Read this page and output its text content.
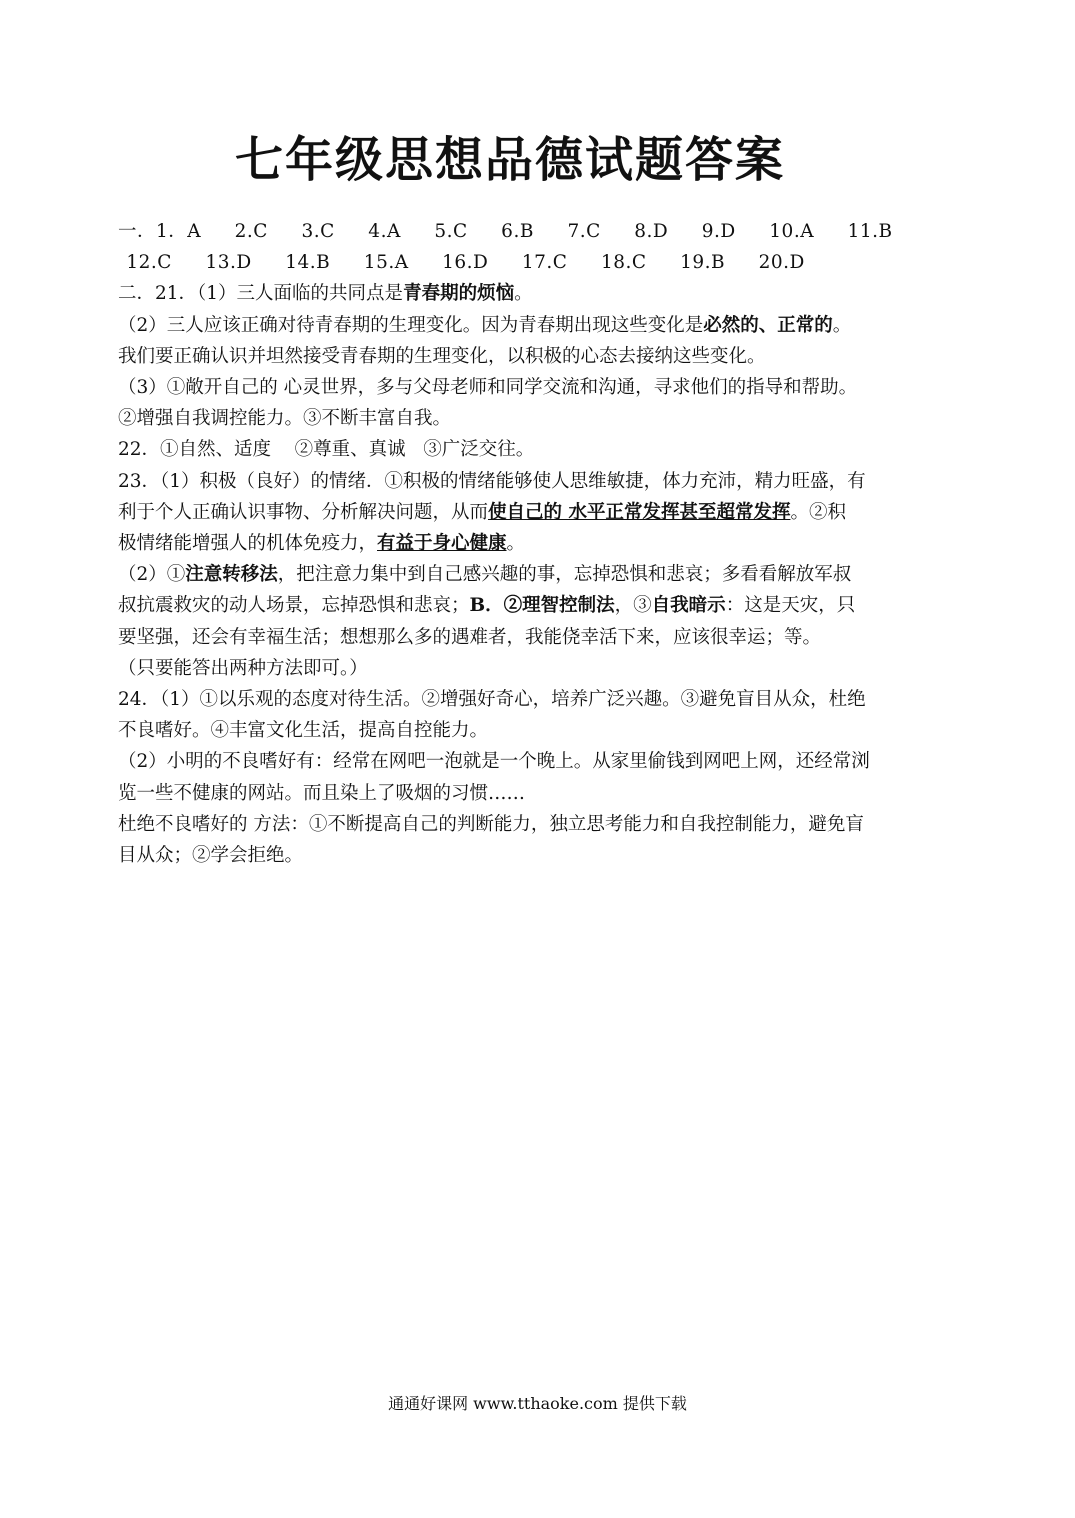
七年级思想品德试题答案
一．1．A    2.C    3.C    4.A    5.C    6.B    7.C    8.D    9.D    10.A    11.B
12.C    13.D    14.B    15.A    16.D    17.C    18.C    19.B    20.D
二．21．（1）三人面临的共同点是青春期的烦恼。
（2）三人应该正确对待青春期的生理变化。因为青春期出现这些变化是必然的、正常的。
我们要正确认识并坦然接受青春期的生理变化，以积极的心态去接纳这些变化。
（3）①敞开自己的 心灵世界，多与父母老师和同学交流和沟通，寻求他们的指导和帮助。
②增强自我调控能力。③不断丰富自我。
22．①自然、适度    ②尊重、真诚   ③广泛交往。
23．（1）积极（良好）的情绪．①积极的情绪能够使人思维敏捷，体力充沛，精力旺盛，有
利于个人正确认识事物、分析解决问题，从而使自己的 水平正常发挥甚至超常发挥。②积
极情绪能增强人的机体免疫力，有益于身心健康。
（2）①注意转移法，把注意力集中到自己感兴趣的事，忘掉恐惧和悲哀；多看看解放军叔
叔抗震救灾的动人场景，忘掉恐惧和悲哀；B．②理智控制法，③自我暗示：这是天灾，只
要坚强，还会有幸福生活；想想那么多的遇难者，我能侥幸活下来，应该很幸运；等。
（只要能答出两种方法即可。）
24．（1）①以乐观的态度对待生活。②增强好奇心，培养广泛兴趣。③避免盲目从众，杜绝
不良嗜好。④丰富文化生活，提高自控能力。
（2）小明的不良嗜好有：经常在网吧一泡就是一个晚上。从家里偷钱到网吧上网，还经常浏
览一些不健康的网站。而且染上了吸烟的习惯……
杜绝不良嗜好的 方法：①不断提高自己的判断能力，独立思考能力和自我控制能力，避免盲
目从众；②学会拒绝。
通通好课网 www.tthaoke.com 提供下载
